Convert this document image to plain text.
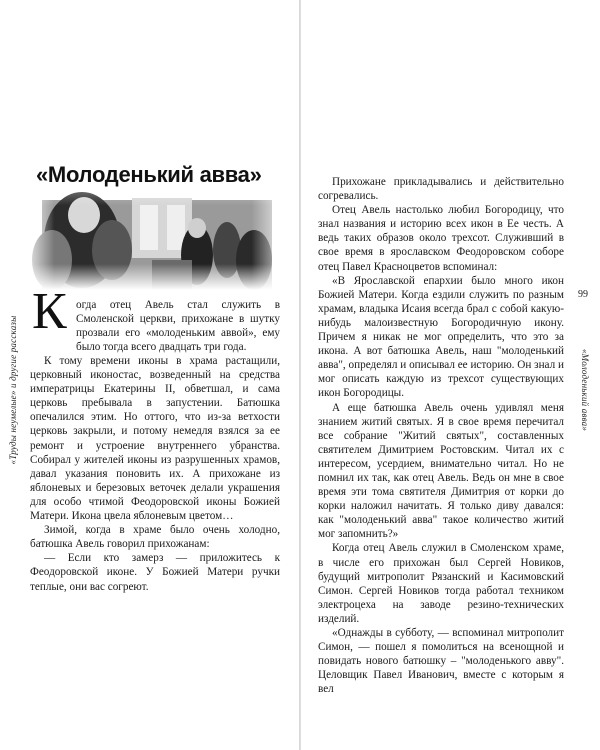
«Труды неумелые» и другие рассказы
«Молоденький авва»
К огда отец Авель стал служить в Смоленской церкви, прихожане в шутку прозвали его «молоденьким аввой», ему было тогда всего двадцать три года.

К тому времени иконы в храма растащили, церковный иконостас, возведенный на средства императрицы Екатерины II, обветшал, и сама церковь пребывала в запустении. Батюшка опечалился этим. Но оттого, что из-за ветхости церковь закрыли, и потому немедля взялся за ее ремонт и устроение внутреннего убранства. Собирал у жителей иконы из разрушенных храмов, давал указания поновить их. А прихожане из яблоневых и березовых веточек делали украшения для особо чтимой Феодоровской иконы Божией Матери. Икона цвела яблоневым цветом…

Зимой, когда в храме было очень холодно, батюшка Авель говорил прихожанам:

— Если кто замерз — приложитесь к Феодоровской иконе. У Божией Матери ручки теплые, они вас согреют.

99
«Молоденький авва»

Прихожане прикладывались и действительно согревались.

Отец Авель настолько любил Богородицу, что знал названия и историю всех икон в Ее честь. А ведь таких образов около трехсот. Служивший в свое время в ярославском Феодоровском соборе отец Павел Красноцветов вспоминал:

«В Ярославской епархии было много икон Божией Матери. Когда ездили служить по разным храмам, владыка Исаия всегда брал с собой какую-нибудь малоизвестную Богородичную икону. Причем я никак не мог определить, что это за икона. А вот батюшка Авель, наш "молоденький авва", определял и описывал ее историю. Он знал и мог описать каждую из трехсот существующих икон Богородицы.

А еще батюшка Авель очень удивлял меня знанием житий святых. Я в свое время перечитал все собрание "Житий святых", составленных святителем Димитрием Ростовским. Читал их с интересом, усердием, внимательно читал. Но не помнил их так, как отец Авель. Ведь он мне в свое время эти тома святителя Димитрия от корки до корки наложил начитать. Я только диву давался: как "молоденький авва" такое количество житий мог запомнить?»

Когда отец Авель служил в Смоленском храме, в числе его прихожан был Сергей Новиков, будущий митрополит Рязанский и Касимовский Симон. Сергей Новиков тогда работал техником электроцеха на заводе резино-технических изделий.

«Однажды в субботу, — вспоминал митрополит Симон, — пошел я помолиться на всенощной и повидать нового батюшку – "молоденького авву". Целовщик Павел Иванович, вместе с которым я вел
